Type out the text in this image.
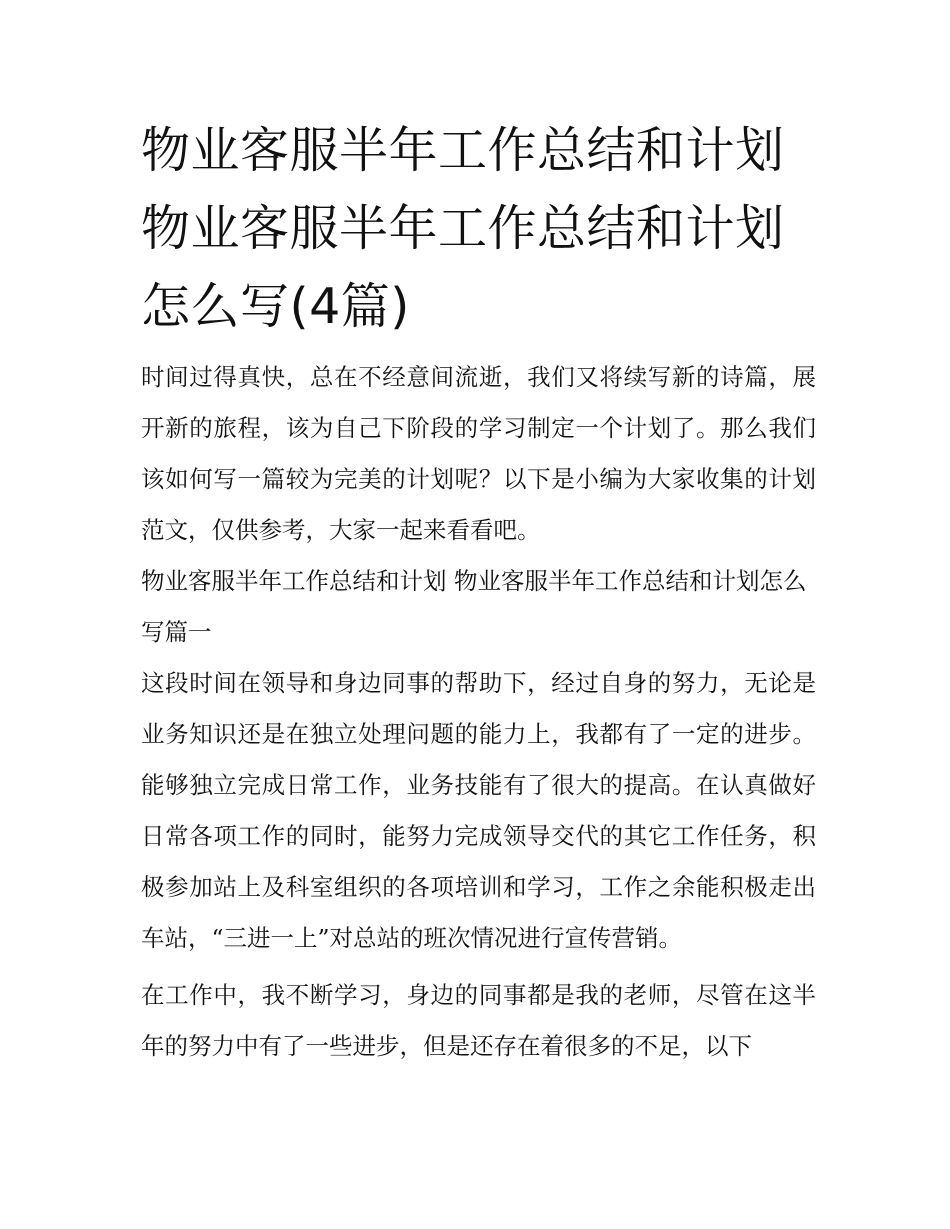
物业客服半年工作总结和计划 物业客服半年工作总结和计划怎么写(4篇)

时间过得真快，总在不经意间流逝，我们又将续写新的诗篇，展开新的旅程，该为自己下阶段的学习制定一个计划了。那么我们该如何写一篇较为完美的计划呢？以下是小编为大家收集的计划范文，仅供参考，大家一起来看看吧。

物业客服半年工作总结和计划 物业客服半年工作总结和计划怎么写篇一

这段时间在领导和身边同事的帮助下，经过自身的努力，无论是业务知识还是在独立处理问题的能力上，我都有了一定的进步。能够独立完成日常工作，业务技能有了很大的提高。在认真做好日常各项工作的同时，能努力完成领导交代的其它工作任务，积极参加站上及科室组织的各项培训和学习，工作之余能积极走出车站，“三进一上”对总站的班次情况进行宣传营销。

在工作中，我不断学习，身边的同事都是我的老师，尽管在这半年的努力中有了一些进步，但是还存在着很多的不足，以下
